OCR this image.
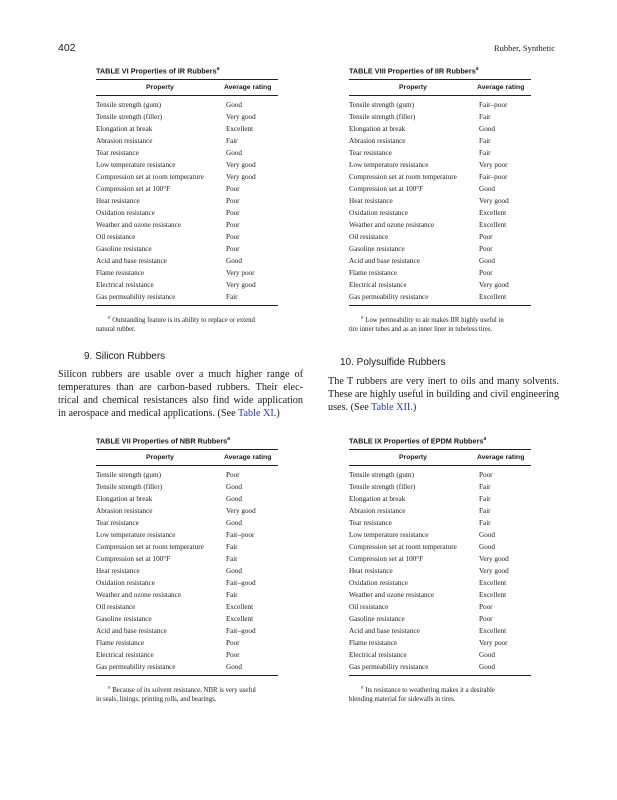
402	Rubber, Synthetic
TABLE VI Properties of IR Rubbers$^a$
Property	Average rating
Tensile strength (gum)	Good
Tensile strength (filler)	Very good
Elongation at break	Excellent
Abrasion resistance	Fair
Tear resistance	Good
Low temperature resistance	Very good
Compression set at room temperature	Very good
Compression set at 100°F	Poor
Heat resistance	Poor
Oxidation resistance	Poor
Weather and ozone resistance	Poor
Oil resistance	Poor
Gasoline resistance	Poor
Acid and base resistance	Good
Flame resistance	Very poor
Electrical resistance	Very good
Gas permeability resistance	Fair
$^a$ Outstanding feature is its ability to replace or extend
natural rubber.
TABLE VIII Properties of IIR Rubbers$^a$
Property	Average rating
Tensile strength (gum)	Fair–poor
Tensile strength (filler)	Fair
Elongation at break	Good
Abrasion resistance	Fair
Tear resistance	Fair
Low temperature resistance	Very poor
Compression set at room temperature	Fair–poor
Compression set at 100°F	Good
Heat resistance	Very good
Oxidation resistance	Excellent
Weather and ozone resistance	Excellent
Oil resistance	Poor
Gasoline resistance	Poor
Acid and base resistance	Good
Flame resistance	Poor
Electrical resistance	Very good
Gas permeability resistance	Excellent
$^a$ Low permeability to air makes IIR highly useful in
tire inner tubes and as an inner liner in tubeless tires.
TABLE VII Properties of NBR Rubbers$^a$
Property	Average rating
Tensile strength (gum)	Poor
Tensile strength (filler)	Good
Elongation at break	Good
Abrasion resistance	Very good
Tear resistance	Good
Low temperature resistance	Fair–poor
Compression set at room temperature	Fair
Compression set at 100°F	Fair
Heat resistance	Good
Oxidation resistance	Fair–good
Weather and ozone resistance	Fair
Oil resistance	Excellent
Gasoline resistance	Excellent
Acid and base resistance	Fair–good
Flame resistance	Poor
Electrical resistance	Poor
Gas permeability resistance	Good
$^a$ Because of its solvent resistance, NBR is very useful
in seals, linings, printing rolls, and bearings.
TABLE IX Properties of EPDM Rubbers$^a$
Property	Average rating
Tensile strength (gum)	Poor
Tensile strength (filler)	Fair
Elongation at break	Fair
Abrasion resistance	Fair
Tear resistance	Fair
Low temperature resistance	Good
Compression set at room temperature	Good
Compression set at 100°F	Very good
Heat resistance	Very good
Oxidation resistance	Excellent
Weather and ozone resistance	Excellent
Oil resistance	Poor
Gasoline resistance	Poor
Acid and base resistance	Excellent
Flame resistance	Very poor
Electrical resistance	Good
Gas permeability resistance	Good
$^a$ Its resistance to weathering makes it a desirable
blending material for sidewalls in tires.
9. Silicon Rubbers
Silicon rubbers are usable over a much higher range of
temperatures than are carbon-based rubbers. Their elec-
trical and chemical resistances also find wide application
in aerospace and medical applications. (See Table XI.)
10. Polysulfide Rubbers
The T rubbers are very inert to oils and many solvents.
These are highly useful in building and civil engineering
uses. (See Table XII.)
